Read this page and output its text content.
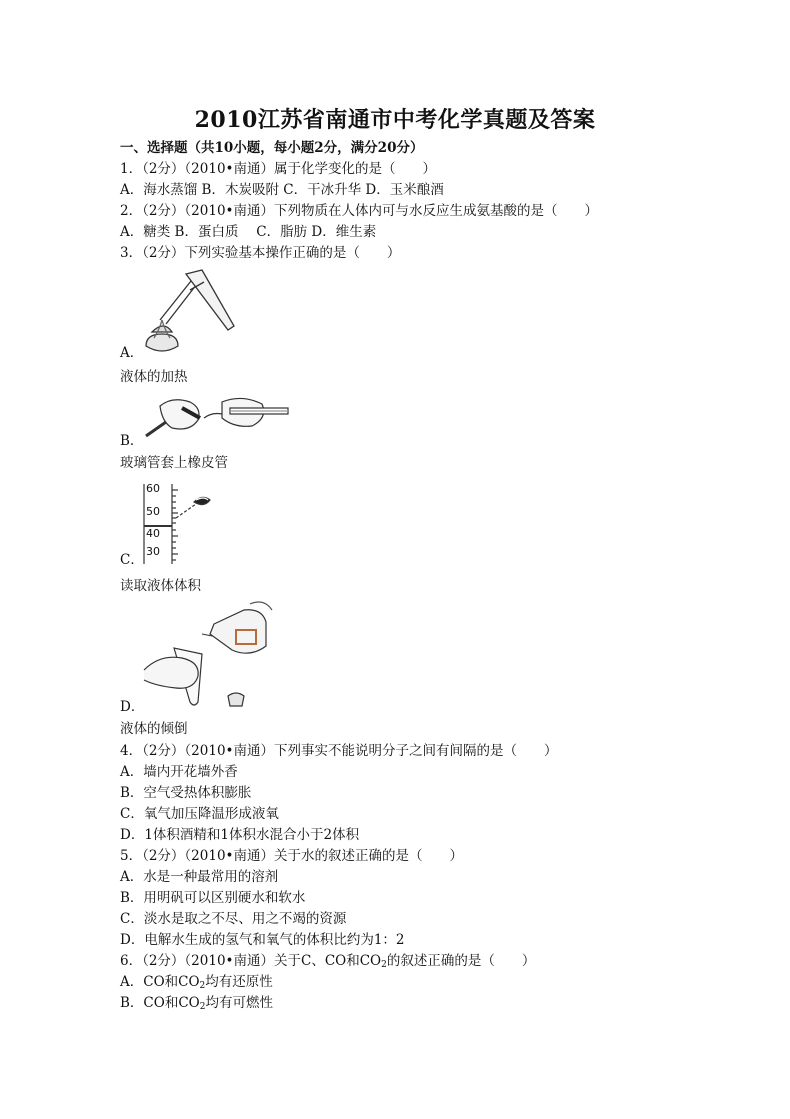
2010江苏省南通市中考化学真题及答案
一、选择题（共10小题，每小题2分，满分20分）
1．（2分）（2010•南通）属于化学变化的是（　　）
A．海水蒸馏 B．木炭吸附 C．干冰升华 D．玉米酿酒
2．（2分）（2010•南通）下列物质在人体内可与水反应生成氨基酸的是（　　）
A．糖类 B．蛋白质　 C．脂肪 D．维生素
3．（2分）下列实验基本操作正确的是（　　）
A．
液体的加热
B．
玻璃管套上橡皮管
60
50
40
30
C．
读取液体体积
D．
液体的倾倒
4．（2分）（2010•南通）下列事实不能说明分子之间有间隔的是（　　）
A．墙内开花墙外香
B．空气受热体积膨胀
C．氧气加压降温形成液氧
D．1体积酒精和1体积水混合小于2体积
5．（2分）（2010•南通）关于水的叙述正确的是（　　）
A．水是一种最常用的溶剂
B．用明矾可以区别硬水和软水
C．淡水是取之不尽、用之不竭的资源
D．电解水生成的氢气和氧气的体积比约为1：2
6．（2分）（2010•南通）关于C、CO和$CO_2$的叙述正确的是（　　）
A．CO和$CO_2$均有还原性
B．CO和$CO_2$均有可燃性
